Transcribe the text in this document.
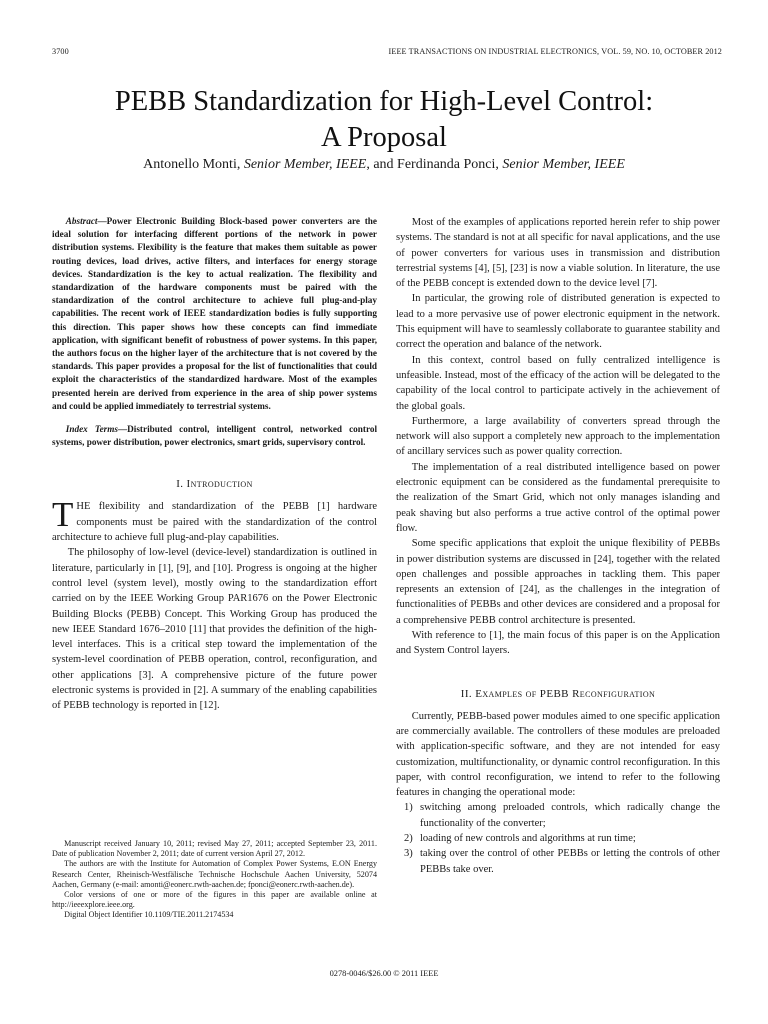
3700	IEEE TRANSACTIONS ON INDUSTRIAL ELECTRONICS, VOL. 59, NO. 10, OCTOBER 2012
PEBB Standardization for High-Level Control:
A Proposal
Antonello Monti, Senior Member, IEEE, and Ferdinanda Ponci, Senior Member, IEEE

Abstract—Power Electronic Building Block-based power converters are the ideal solution for interfacing different portions of the network in power distribution systems. Flexibility is the feature that makes them suitable as power routing devices, load drives, active filters, and interfaces for energy storage devices. Standardization is the key to actual realization. The flexibility and standardization of the hardware components must be paired with the standardization of the control architecture to achieve full plug-and-play capabilities. The recent work of IEEE standardization bodies is fully supporting this direction. This paper shows how these concepts can find immediate application, with significant benefit of robustness of power systems. In this paper, the authors focus on the higher layer of the architecture that is not covered by the standards. This paper provides a proposal for the list of functionalities that could exploit the characteristics of the standardized hardware. Most of the examples presented herein are derived from experience in the area of ship power systems and could be applied immediately to terrestrial systems.

Index Terms—Distributed control, intelligent control, networked control systems, power distribution, power electronics, smart grids, supervisory control.

I. Introduction

THE flexibility and standardization of the PEBB [1] hardware components must be paired with the standardization of the control architecture to achieve full plug-and-play capabilities.

The philosophy of low-level (device-level) standardization is outlined in literature, particularly in [1], [9], and [10]. Progress is ongoing at the higher control level (system level), mostly owing to the standardization effort carried on by the IEEE Working Group PAR1676 on the Power Electronic Building Blocks (PEBB) Concept. This Working Group has produced the new IEEE Standard 1676–2010 [11] that provides the definition of the high-level interfaces. This is a critical step toward the implementation of the system-level coordination of PEBB operation, control, reconfiguration, and other applications [3]. A comprehensive picture of the future power electronic systems is provided in [2]. A summary of the enabling capabilities of PEBB technology is reported in [12].

Manuscript received January 10, 2011; revised May 27, 2011; accepted September 23, 2011. Date of publication November 2, 2011; date of current version April 27, 2012.

The authors are with the Institute for Automation of Complex Power Systems, E.ON Energy Research Center, Rheinisch-Westfälische Technische Hochschule Aachen University, 52074 Aachen, Germany (e-mail: amonti@eonerc.rwth-aachen.de; fponci@eonerc.rwth-aachen.de).

Color versions of one or more of the figures in this paper are available online at http://ieeexplore.ieee.org.

Digital Object Identifier 10.1109/TIE.2011.2174534

Most of the examples of applications reported herein refer to ship power systems. The standard is not at all specific for naval applications, and the use of power converters for various uses in transmission and distribution terrestrial systems [4], [5], [23] is now a viable solution. In literature, the use of the PEBB concept is extended down to the device level [7].

In particular, the growing role of distributed generation is expected to lead to a more pervasive use of power electronic equipment in the network. This equipment will have to seamlessly collaborate to guarantee stability and correct the operation and balance of the network.

In this context, control based on fully centralized intelligence is unfeasible. Instead, most of the efficacy of the action will be delegated to the capability of the local control to participate actively in the achievement of the global goals.

Furthermore, a large availability of converters spread through the network will also support a completely new approach to the implementation of ancillary services such as power quality correction.

The implementation of a real distributed intelligence based on power electronic equipment can be considered as the fundamental prerequisite to the realization of the Smart Grid, which not only manages islanding and peak shaving but also performs a true active control of the optimal power flow.

Some specific applications that exploit the unique flexibility of PEBBs in power distribution systems are discussed in [24], together with the related open challenges and possible approaches in tackling them. This paper represents an extension of [24], as the challenges in the integration of functionalities of PEBBs and other devices are considered and a proposal for a comprehensive PEBB control architecture is presented.

With reference to [1], the main focus of this paper is on the Application and System Control layers.

II. Examples of PEBB Reconfiguration

Currently, PEBB-based power modules aimed to one specific application are commercially available. The controllers of these modules are preloaded with application-specific software, and they are not intended for easy customization, multifunctionality, or dynamic control reconfiguration. In this paper, with control reconfiguration, we intend to refer to the following features in changing the operational mode:

1) switching among preloaded controls, which radically change the functionality of the converter;
2) loading of new controls and algorithms at run time;
3) taking over the control of other PEBBs or letting the controls of other PEBBs take over.
0278-0046/$26.00 © 2011 IEEE
